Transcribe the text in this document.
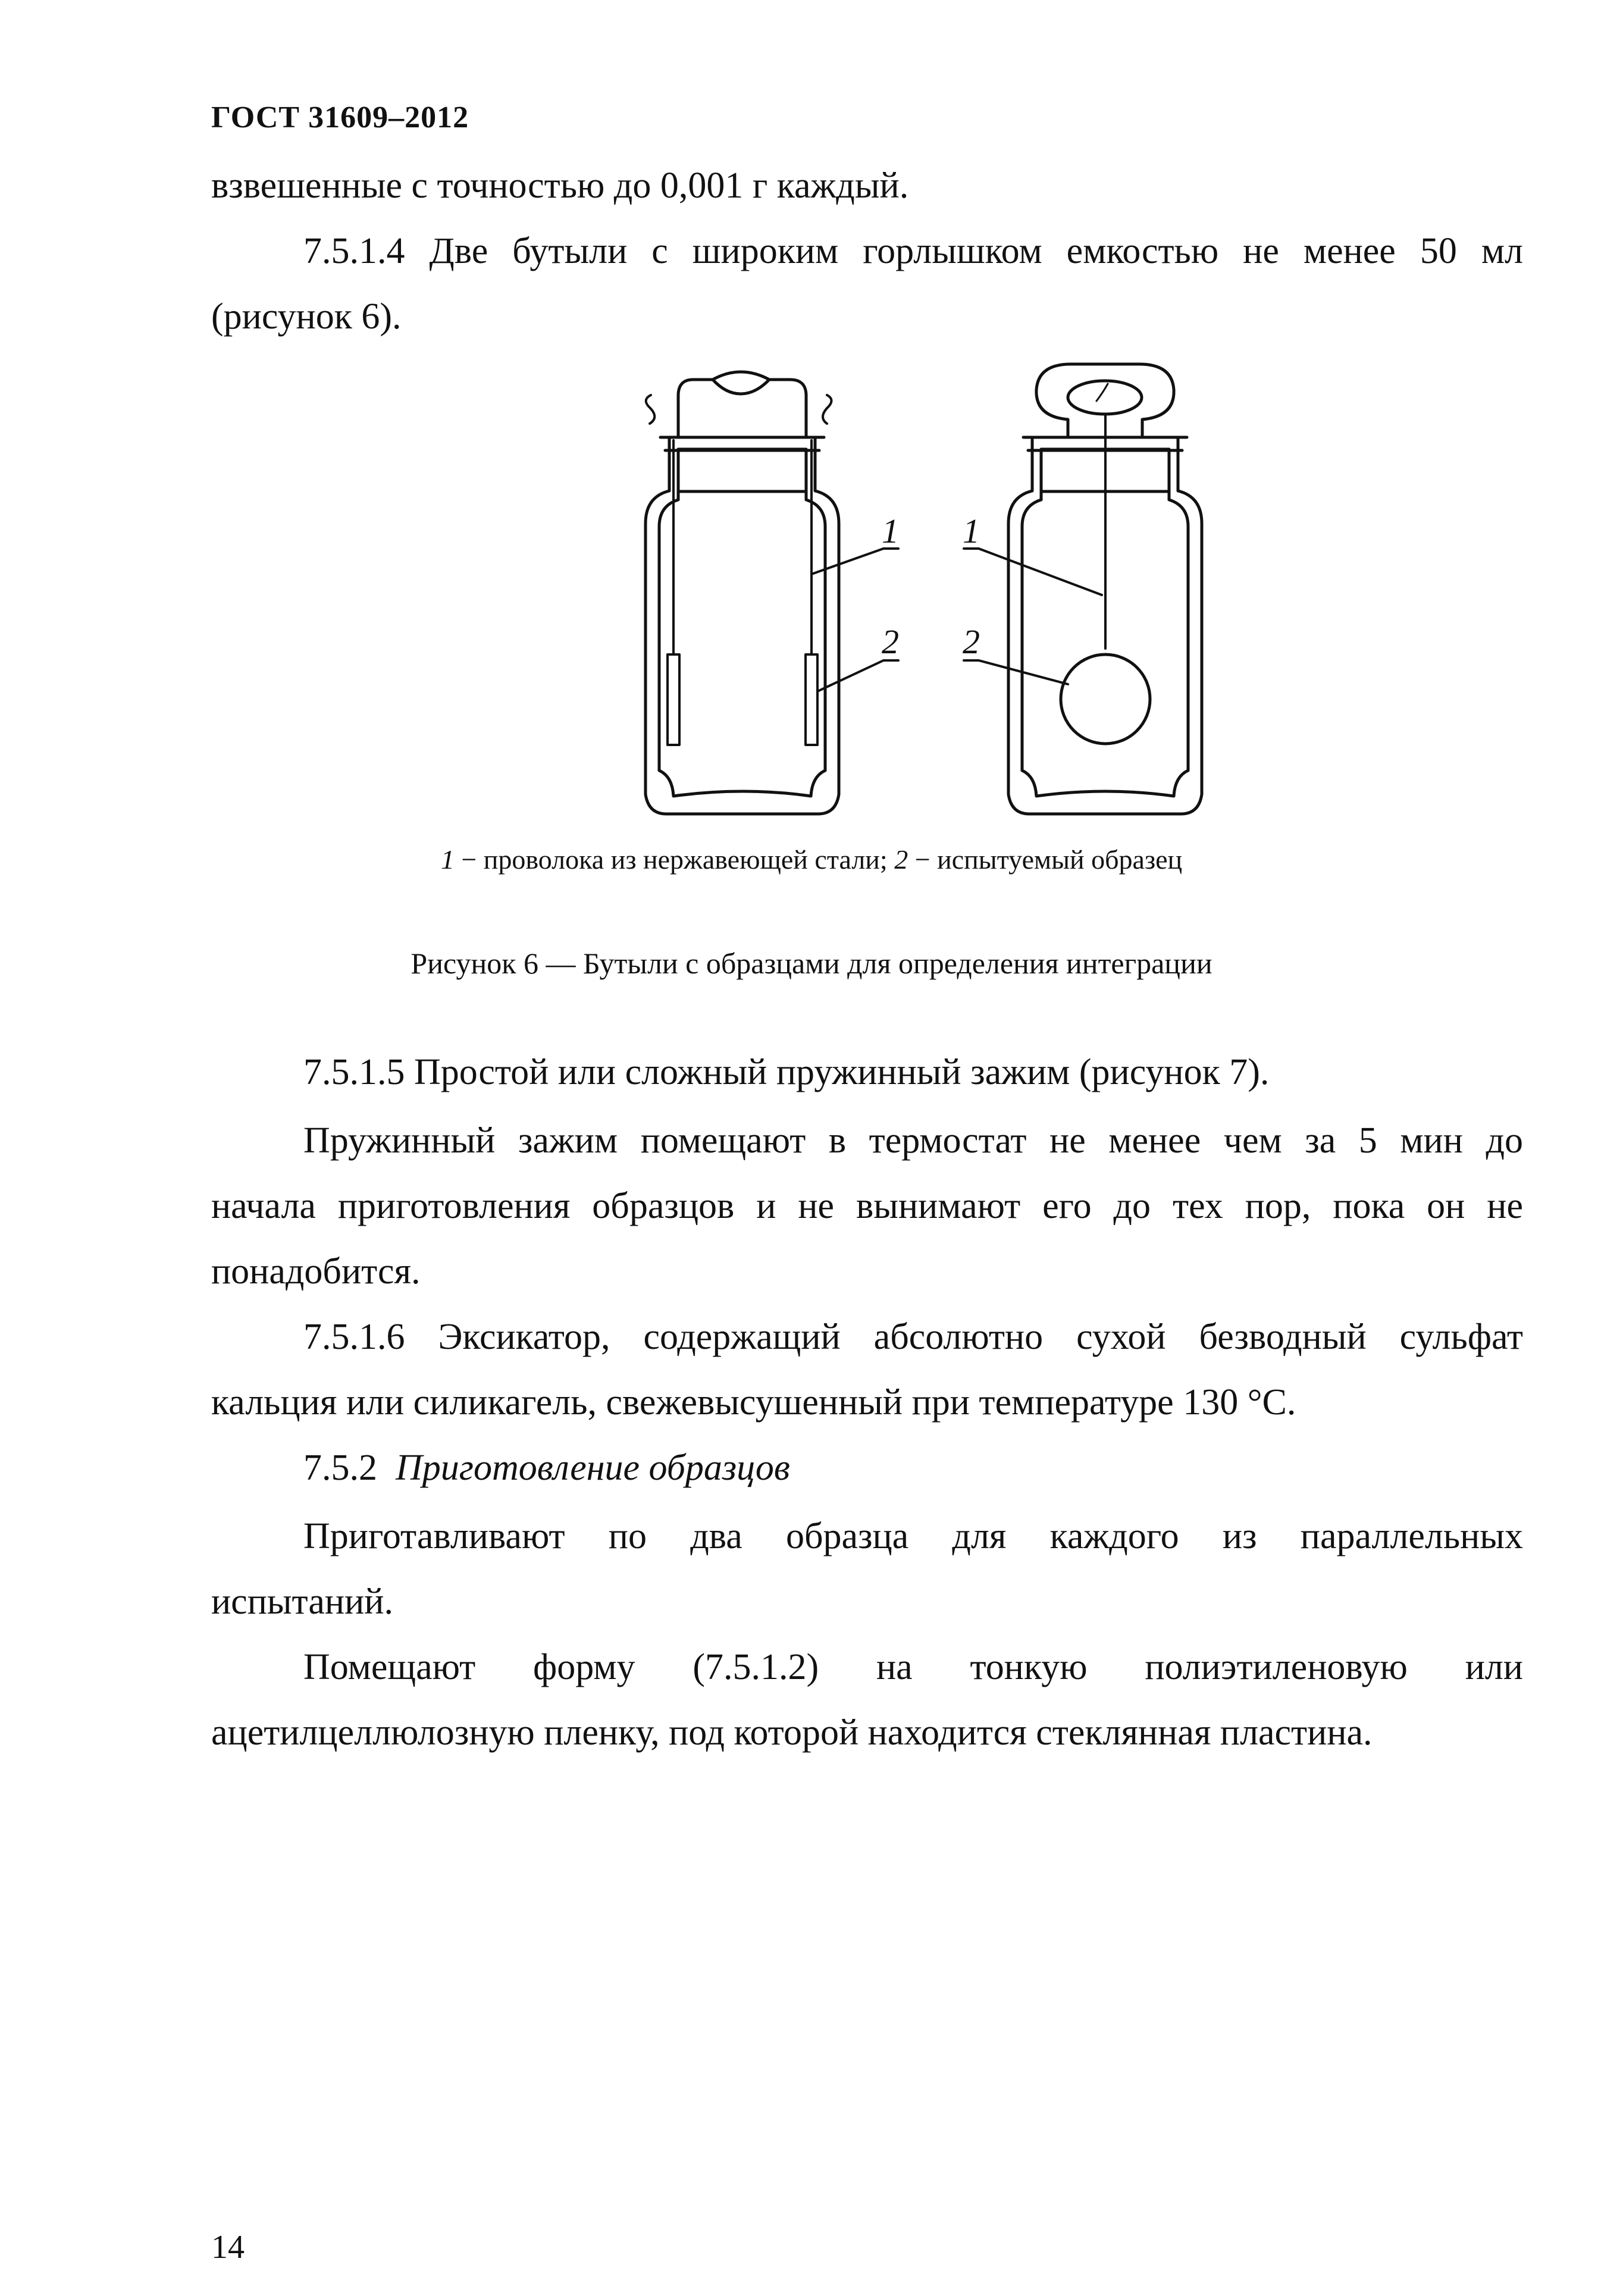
ГОСТ 31609–2012
взвешенные с точностью до 0,001 г каждый.
7.5.1.4 Две бутыли с широким горлышком емкостью не менее 50 мл
(рисунок 6).
1
2
1
2
1 − проволока из нержавеющей стали; 2 − испытуемый образец
Рисунок 6 — Бутыли с образцами для определения интеграции
7.5.1.5 Простой или сложный пружинный зажим (рисунок 7).
Пружинный зажим помещают в термостат не менее чем за 5 мин до
начала приготовления образцов и не вынимают его до тех пор, пока он не
понадобится.
7.5.1.6 Эксикатор, содержащий абсолютно сухой безводный сульфат
кальция или силикагель, свежевысушенный при температуре 130 °С.
7.5.2 Приготовление образцов
Приготавливают по два образца для каждого из параллельных
испытаний.
Помещают форму (7.5.1.2) на тонкую полиэтиленовую или
ацетилцеллюлозную пленку, под которой находится стеклянная пластина.
14
